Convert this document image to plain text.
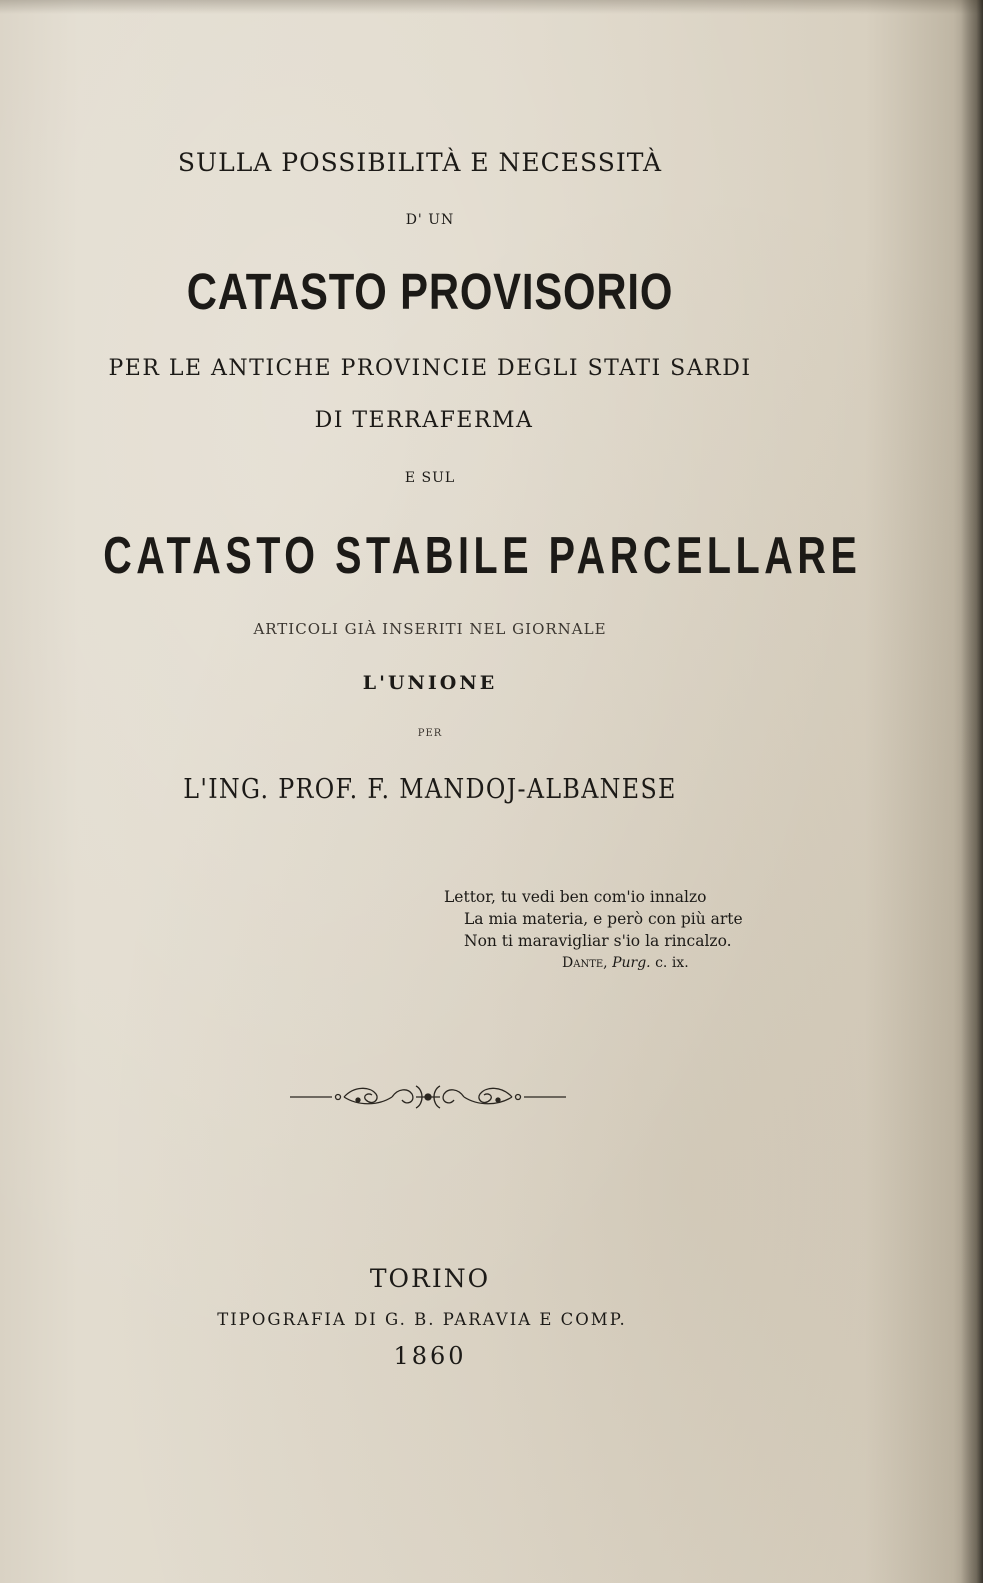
SULLA POSSIBILITÀ E NECESSITÀ
D' UN
CATASTO PROVISORIO
PER LE ANTICHE PROVINCIE DEGLI STATI SARDI
DI TERRAFERMA
E SUL
CATASTO STABILE PARCELLARE
ARTICOLI GIÀ INSERITI NEL GIORNALE
L'UNIONE
PER
L'ING. PROF. F. MANDOJ-ALBANESE
Lettor, tu vedi ben com'io innalzo
La mia materia, e però con più arte
Non ti maravigliar s'io la rincalzo.
Dante, Purg. c. ix.
TORINO
TIPOGRAFIA DI G. B. PARAVIA E COMP.
1860
